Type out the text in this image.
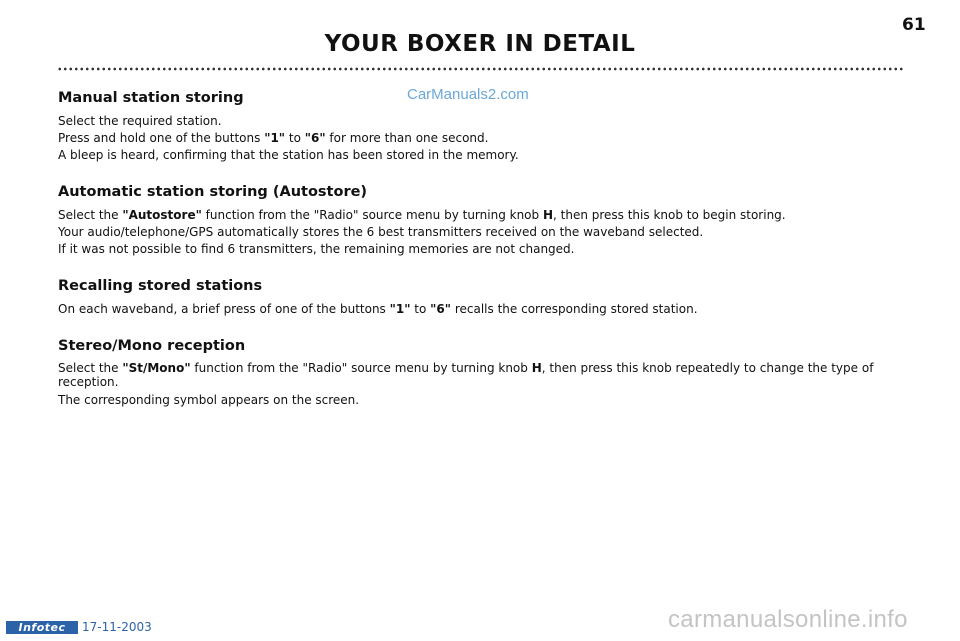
YOUR BOXER IN DETAIL
61
CarManuals2.com
Manual station storing

Select the required station.

Press and hold one of the buttons "1" to "6" for more than one second.

A bleep is heard, confirming that the station has been stored in the memory.

Automatic station storing (Autostore)

Select the "Autostore" function from the "Radio" source menu by turning knob H, then press this knob to begin storing.

Your audio/telephone/GPS automatically stores the 6 best transmitters received on the waveband selected.

If it was not possible to find 6 transmitters, the remaining memories are not changed.

Recalling stored stations

On each waveband, a brief press of one of the buttons "1" to "6" recalls the corresponding stored station.

Stereo/Mono reception

Select the "St/Mono" function from the "Radio" source menu by turning knob H, then press this knob repeatedly to change the type of reception.

The corresponding symbol appears on the screen.

Infotec	17-11-2003	carmanualsonline.info
